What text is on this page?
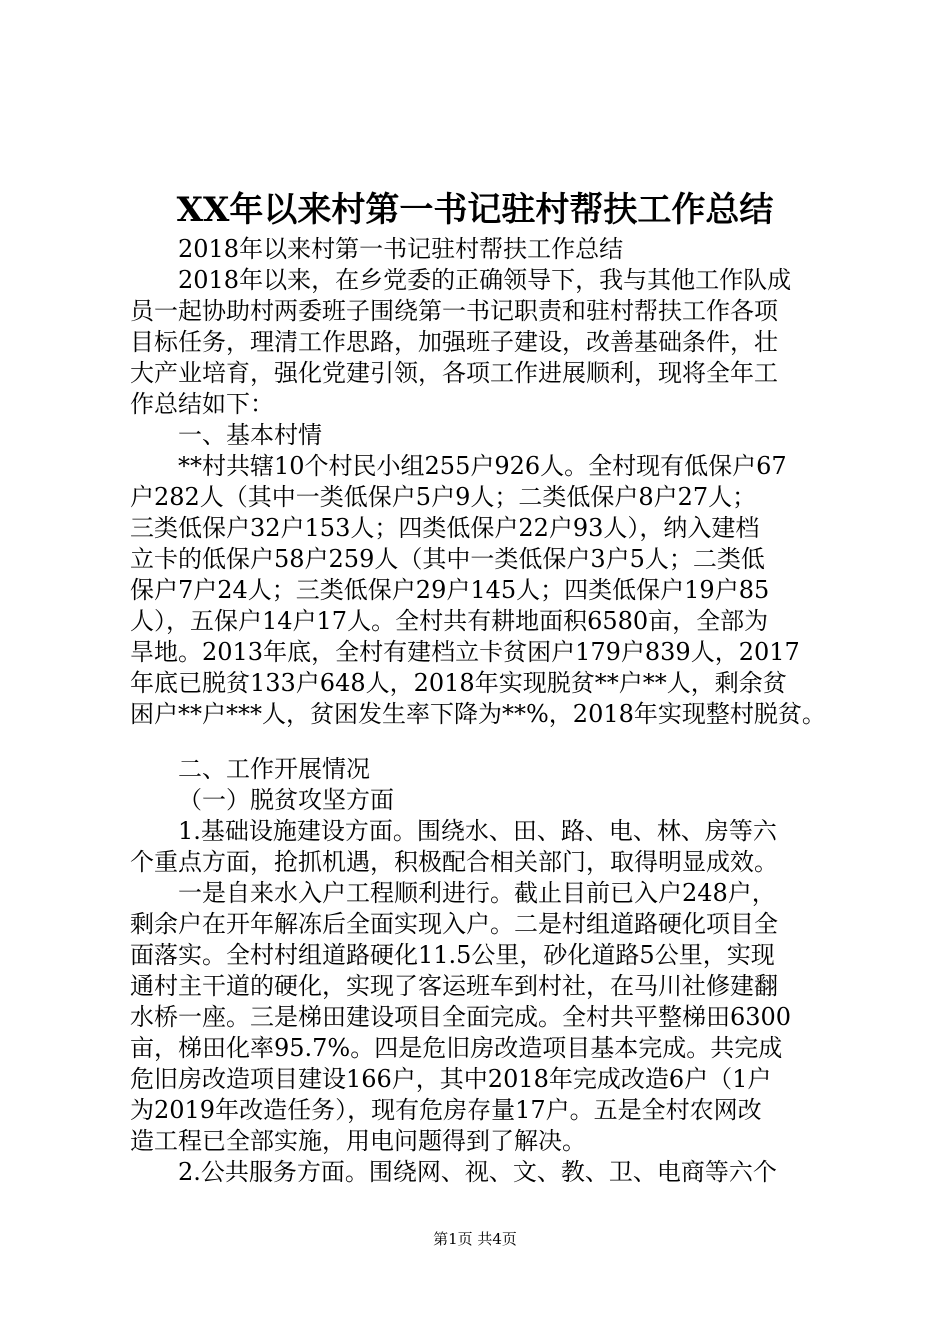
XX年以来村第一书记驻村帮扶工作总结
2018年以来村第一书记驻村帮扶工作总结
2018年以来，在乡党委的正确领导下，我与其他工作队成
员一起协助村两委班子围绕第一书记职责和驻村帮扶工作各项
目标任务，理清工作思路，加强班子建设，改善基础条件，壮
大产业培育，强化党建引领，各项工作进展顺利，现将全年工
作总结如下：
一、基本村情
**村共辖10个村民小组255户926人。全村现有低保户67
户282人（其中一类低保户5户9人；二类低保户8户27人；
三类低保户32户153人；四类低保户22户93人），纳入建档
立卡的低保户58户259人（其中一类低保户3户5人；二类低
保户7户24人；三类低保户29户145人；四类低保户19户85
人），五保户14户17人。全村共有耕地面积6580亩，全部为
旱地。2013年底，全村有建档立卡贫困户179户839人，2017
年底已脱贫133户648人，2018年实现脱贫**户**人，剩余贫
困户**户***人，贫困发生率下降为**%，2018年实现整村脱贫。
二、工作开展情况
（一）脱贫攻坚方面
1.基础设施建设方面。围绕水、田、路、电、林、房等六
个重点方面，抢抓机遇，积极配合相关部门，取得明显成效。
一是自来水入户工程顺利进行。截止目前已入户248户，
剩余户在开年解冻后全面实现入户。二是村组道路硬化项目全
面落实。全村村组道路硬化11.5公里，砂化道路5公里，实现
通村主干道的硬化，实现了客运班车到村社，在马川社修建翻
水桥一座。三是梯田建设项目全面完成。全村共平整梯田6300
亩，梯田化率95.7%。四是危旧房改造项目基本完成。共完成
危旧房改造项目建设166户，其中2018年完成改造6户（1户
为2019年改造任务），现有危房存量17户。五是全村农网改
造工程已全部实施，用电问题得到了解决。
2.公共服务方面。围绕网、视、文、教、卫、电商等六个
第1页 共4页
